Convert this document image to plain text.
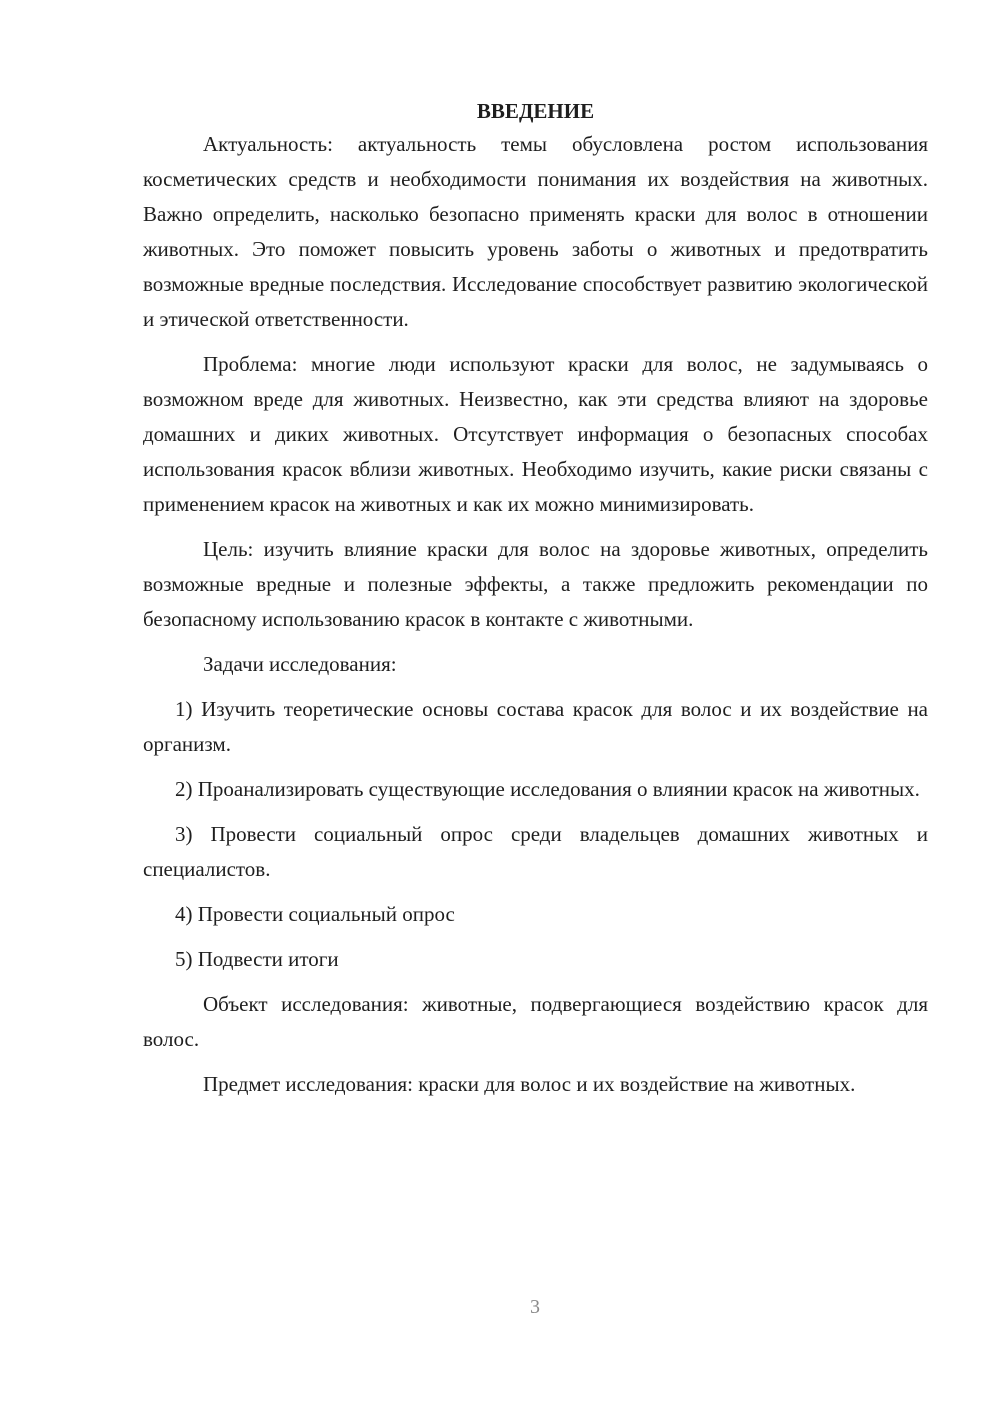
ВВЕДЕНИЕ

Актуальность: актуальность темы обусловлена ростом использования косметических средств и необходимости понимания их воздействия на животных. Важно определить, насколько безопасно применять краски для волос в отношении животных. Это поможет повысить уровень заботы о животных и предотвратить возможные вредные последствия. Исследование способствует развитию экологической и этической ответственности.

Проблема: многие люди используют краски для волос, не задумываясь о возможном вреде для животных. Неизвестно, как эти средства влияют на здоровье домашних и диких животных. Отсутствует информация о безопасных способах использования красок вблизи животных. Необходимо изучить, какие риски связаны с применением красок на животных и как их можно минимизировать.

Цель: изучить влияние краски для волос на здоровье животных, определить возможные вредные и полезные эффекты, а также предложить рекомендации по безопасному использованию красок в контакте с животными.

Задачи исследования:

1) Изучить теоретические основы состава красок для волос и их воздействие на организм.

2) Проанализировать существующие исследования о влиянии красок на животных.

3) Провести социальный опрос среди владельцев домашних животных и специалистов.

4) Провести социальный опрос

5) Подвести итоги

Объект исследования: животные, подвергающиеся воздействию красок для волос.

Предмет исследования: краски для волос и их воздействие на животных.

3
